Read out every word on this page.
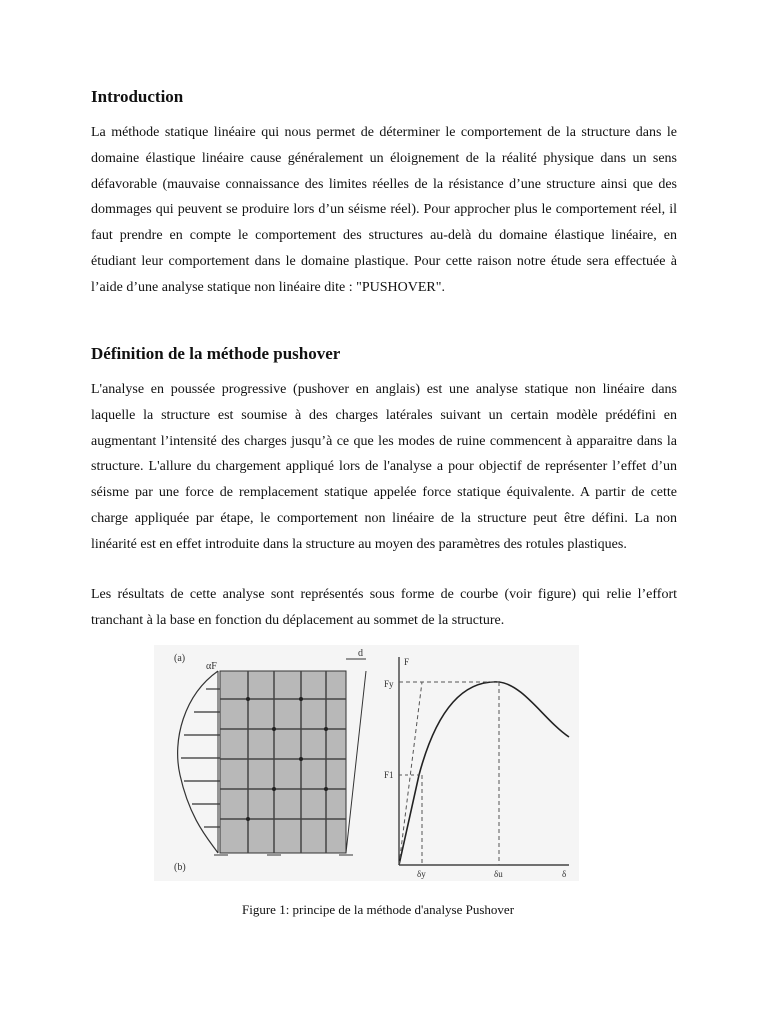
Introduction
La méthode statique linéaire qui nous permet de déterminer le comportement de la structure dans le domaine élastique linéaire cause généralement un éloignement de la réalité physique dans un sens défavorable (mauvaise connaissance des limites réelles de la résistance d’une structure ainsi que des dommages qui peuvent se produire lors d’un séisme réel). Pour approcher plus le comportement réel, il faut prendre en compte le comportement des structures au-delà du domaine élastique linéaire, en étudiant leur comportement dans le domaine plastique. Pour cette raison notre étude sera effectuée à l’aide d’une analyse statique non linéaire dite : "PUSHOVER".
Définition de la méthode pushover
L'analyse en poussée progressive (pushover en anglais) est une analyse statique non linéaire dans laquelle la structure est soumise à des charges latérales suivant un certain modèle prédéfini en augmentant l’intensité des charges jusqu’à ce que les modes de ruine commencent à apparaitre dans la structure. L'allure du chargement appliqué lors de l'analyse a pour objectif de représenter l’effet d’un séisme par une force de remplacement statique appelée force statique équivalente. A partir de cette charge appliquée par étape, le comportement non linéaire de la structure peut être défini. La non linéarité est en effet introduite dans la structure au moyen des paramètres des rotules plastiques.
Les résultats de cette analyse sont représentés sous forme de courbe (voir figure) qui relie l’effort tranchant à la base en fonction du déplacement au sommet de la structure.
(a)
(b)
αF
d
F
Fy
F1
δy	δu	δ
Figure 1: principe de la méthode d'analyse Pushover
